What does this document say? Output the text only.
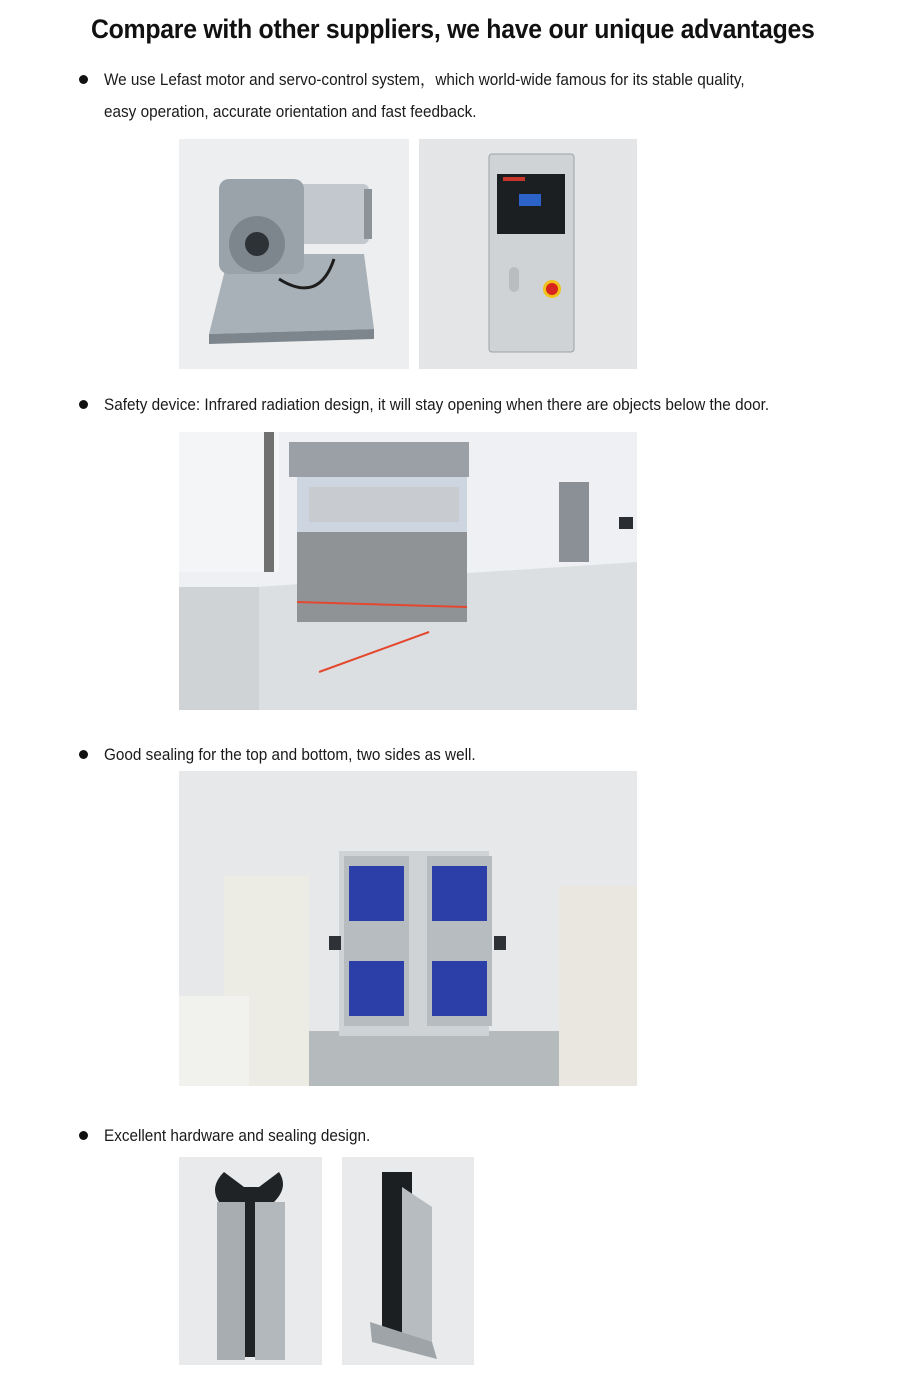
Compare with other suppliers, we have our unique advantages
We use Lefast motor and servo-control system，which world-wide famous for its stable quality,
easy operation, accurate orientation and fast feedback.
Safety device: Infrared radiation design, it will stay opening when there are objects below the door.
Good sealing for the top and bottom, two sides as well.
Excellent hardware and sealing design.
